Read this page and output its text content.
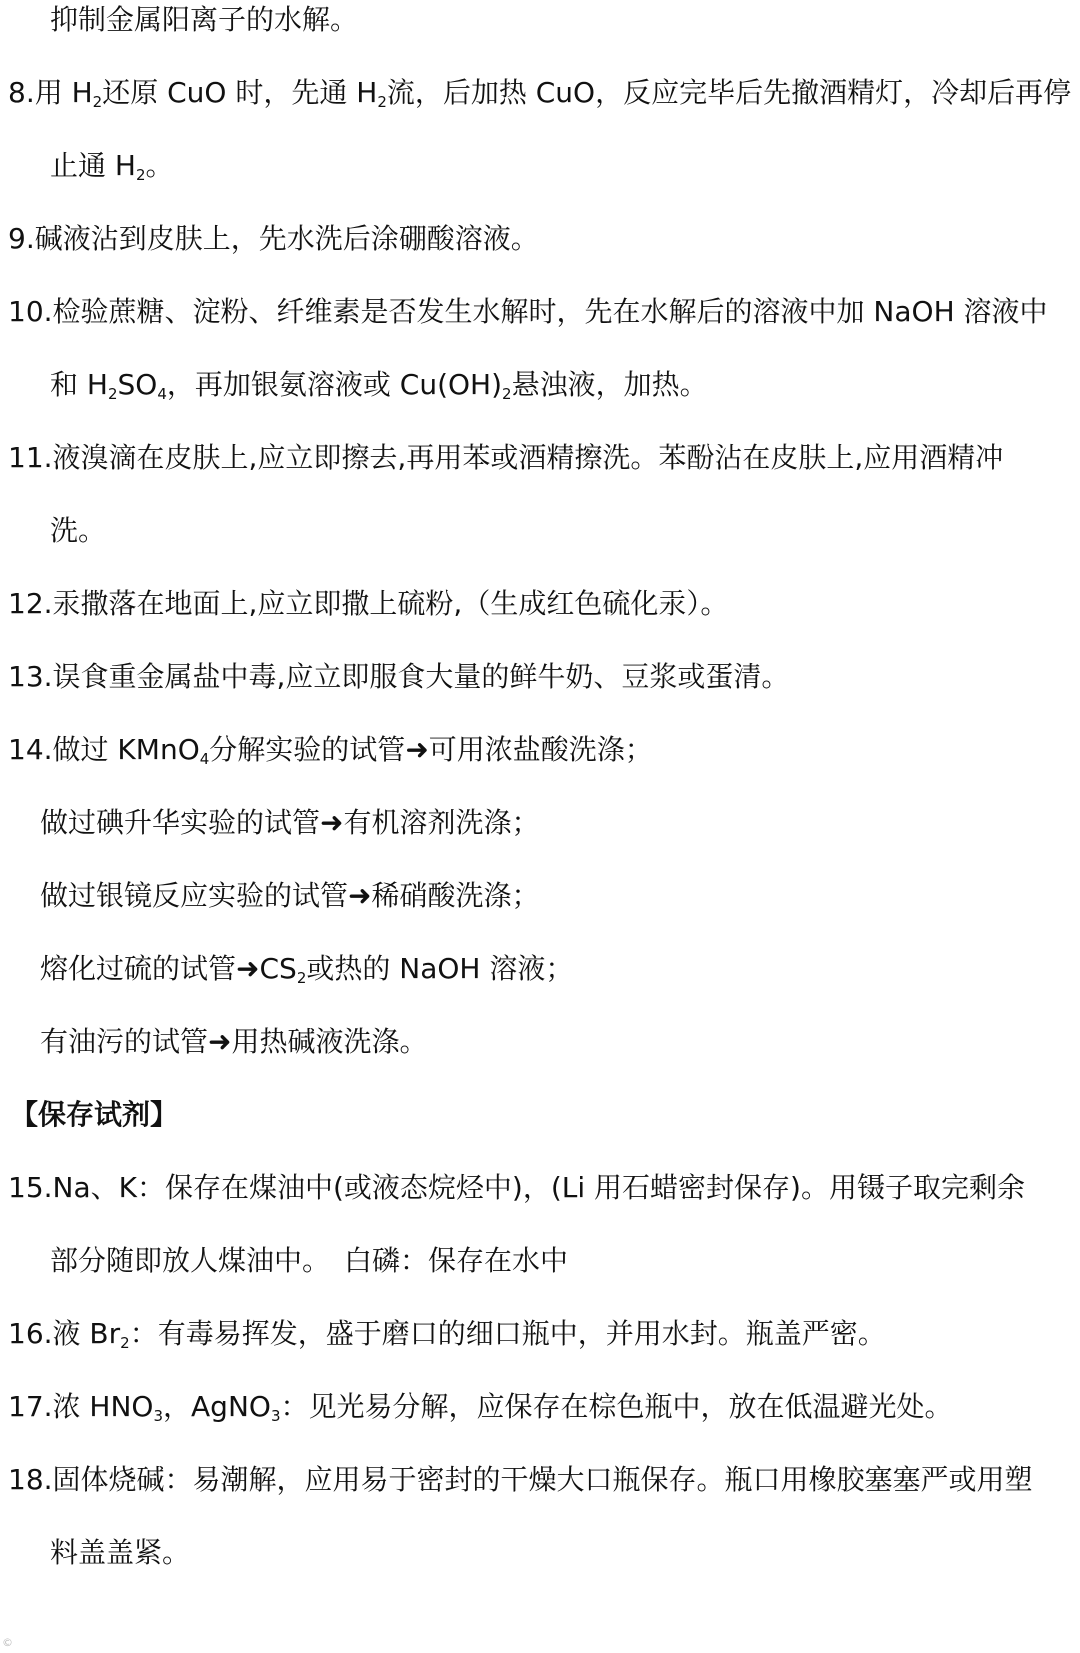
抑制金属阳离子的水解。
8.用 $H_2$还原 CuO 时，先通 $H_2$流，后加热 CuO，反应完毕后先撤酒精灯，冷却后再停
止通 $H_2$。
9.碱液沾到皮肤上，先水洗后涂硼酸溶液。
10.检验蔗糖、淀粉、纤维素是否发生水解时，先在水解后的溶液中加 NaOH 溶液中
和 $H_2SO_4$，再加银氨溶液或 $Cu(OH)_2$悬浊液，加热。
11.液溴滴在皮肤上,应立即擦去,再用苯或酒精擦洗。苯酚沾在皮肤上,应用酒精冲
洗。
12.汞撒落在地面上,应立即撒上硫粉,（生成红色硫化汞）。
13.误食重金属盐中毒,应立即服食大量的鲜牛奶、豆浆或蛋清。
14.做过 KMnO$_4$分解实验的试管➜可用浓盐酸洗涤；
做过碘升华实验的试管➜有机溶剂洗涤；
做过银镜反应实验的试管➜稀硝酸洗涤；
熔化过硫的试管$➜CS_2$或热的 NaOH 溶液；
有油污的试管➜用热碱液洗涤。
【保存试剂】
15.Na、K：保存在煤油中(或液态烷烃中)，(Li 用石蜡密封保存)。用镊子取完剩余
部分随即放人煤油中。　白磷：保存在水中
16.液 $Br_2$：有毒易挥发，盛于磨口的细口瓶中，并用水封。瓶盖严密。
17.浓 $HNO_3$，AgNO$_3$：见光易分解，应保存在棕色瓶中，放在低温避光处。
18.固体烧碱：易潮解，应用易于密封的干燥大口瓶保存。瓶口用橡胶塞塞严或用塑
料盖盖紧。
©
